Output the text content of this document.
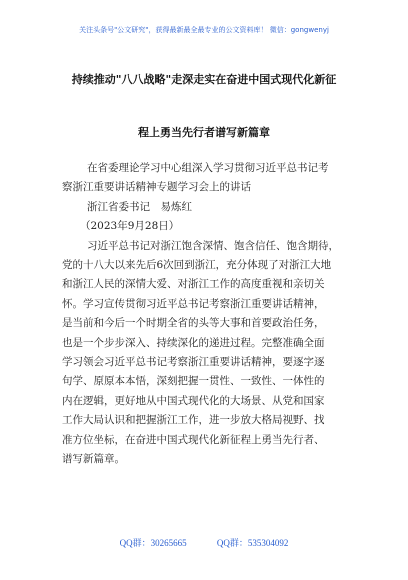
关注头条号"公文研究"，获得最新最全最专业的公文资料库！ 微信：gongwenyj
持续推动"八八战略"走深走实在奋进中国式现代化新征
程上勇当先行者谱写新篇章
在省委理论学习中心组深入学习贯彻习近平总书记考
察浙江重要讲话精神专题学习会上的讲话
浙江省委书记　易炼红
（2023年9月28日）
习近平总书记对浙江饱含深情、饱含信任、饱含期待，
党的十八大以来先后6次回到浙江，充分体现了对浙江大地
和浙江人民的深情大爱、对浙江工作的高度重视和亲切关
怀。学习宣传贯彻习近平总书记考察浙江重要讲话精神，
是当前和今后一个时期全省的头等大事和首要政治任务，
也是一个步步深入、持续深化的递进过程。完整准确全面
学习领会习近平总书记考察浙江重要讲话精神，要逐字逐
句学、原原本本悟，深刻把握一贯性、一致性、一体性的
内在逻辑，更好地从中国式现代化的大场景、从党和国家
工作大局认识和把握浙江工作，进一步放大格局视野、找
准方位坐标，在奋进中国式现代化新征程上勇当先行者、
谱写新篇章。
QQ群：30265665	QQ群：535304092
